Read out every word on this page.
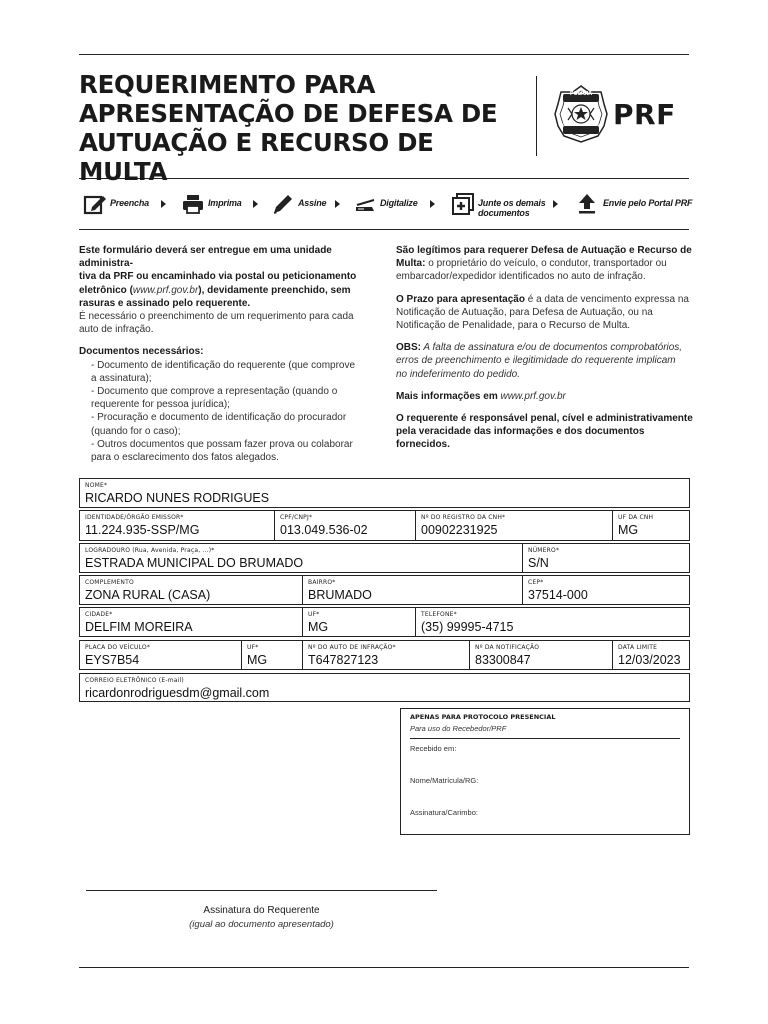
REQUERIMENTO PARA
APRESENTAÇÃO DE DEFESA DE
AUTUAÇÃO E RECURSO DE MULTA
POLÍCIA
RODOVIÁRIA FEDERAL PRF
Preencha	Imprima	Assine	Digitalize	Junte os demais documentos
Envie pelo Portal PRF

Este formulário deverá ser entregue em uma unidade administra-

tiva da PRF ou encaminhado via postal ou peticionamento

eletrônico (www.prf.gov.br), devidamente preenchido, sem

rasuras e assinado pelo requerente.

É necessário o preenchimento de um requerimento para cada

auto de infração.

Documentos necessários:

- Documento de identificação do requerente (que comprove
a assinatura);
- Documento que comprove a representação (quando o
requerente for pessoa jurídica);
- Procuração e documento de identificação do procurador
(quando for o caso);
- Outros documentos que possam fazer prova ou colaborar
para o esclarecimento dos fatos alegados.

São legítimos para requerer Defesa de Autuação e Recurso de

Multa: o proprietário do veículo, o condutor, transportador ou

embarcador/expedidor identificados no auto de infração.

O Prazo para apresentação é a data de vencimento expressa na

Notificação de Autuação, para Defesa de Autuação, ou na

Notificação de Penalidade, para o Recurso de Multa.

OBS: A falta de assinatura e/ou de documentos comprobatórios,

erros de preenchimento e ilegitimidade do requerente implicam

no indeferimento do pedido.

Mais informações em www.prf.gov.br

O requerente é responsável penal, cível e administrativamente

pela veracidade das informações e dos documentos fornecidos.

NOME*
RICARDO NUNES RODRIGUES
IDENTIDADE/ÓRGÃO EMISSOR*
11.224.935-SSP/MG
CPF/CNPJ*
013.049.536-02
Nº DO REGISTRO DA CNH*
00902231925
UF DA CNH
MG
LOGRADOURO (Rua, Avenida, Praça, ...)*
ESTRADA MUNICIPAL DO BRUMADO
NÚMERO*
S/N
COMPLEMENTO
ZONA RURAL (CASA)
BAIRRO*
BRUMADO
CEP*
37514-000
CIDADE*
DELFIM MOREIRA
UF*
MG
TELEFONE*
(35) 99995-4715
PLACA DO VEÍCULO*
EYS7B54
UF*
MG
Nº DO AUTO DE INFRAÇÃO*
T647827123
Nº DA NOTIFICAÇÃO
83300847
DATA LIMITE
12/03/2023
CORREIO ELETRÔNICO (E-mail)
ricardonrodriguesdm@gmail.com
APENAS PARA PROTOCOLO PRESENCIAL
Para uso do Recebedor/PRF
Recebido em:
Nome/Matrícula/RG:
Assinatura/Carimbo:
Assinatura do Requerente
(igual ao documento apresentado)
